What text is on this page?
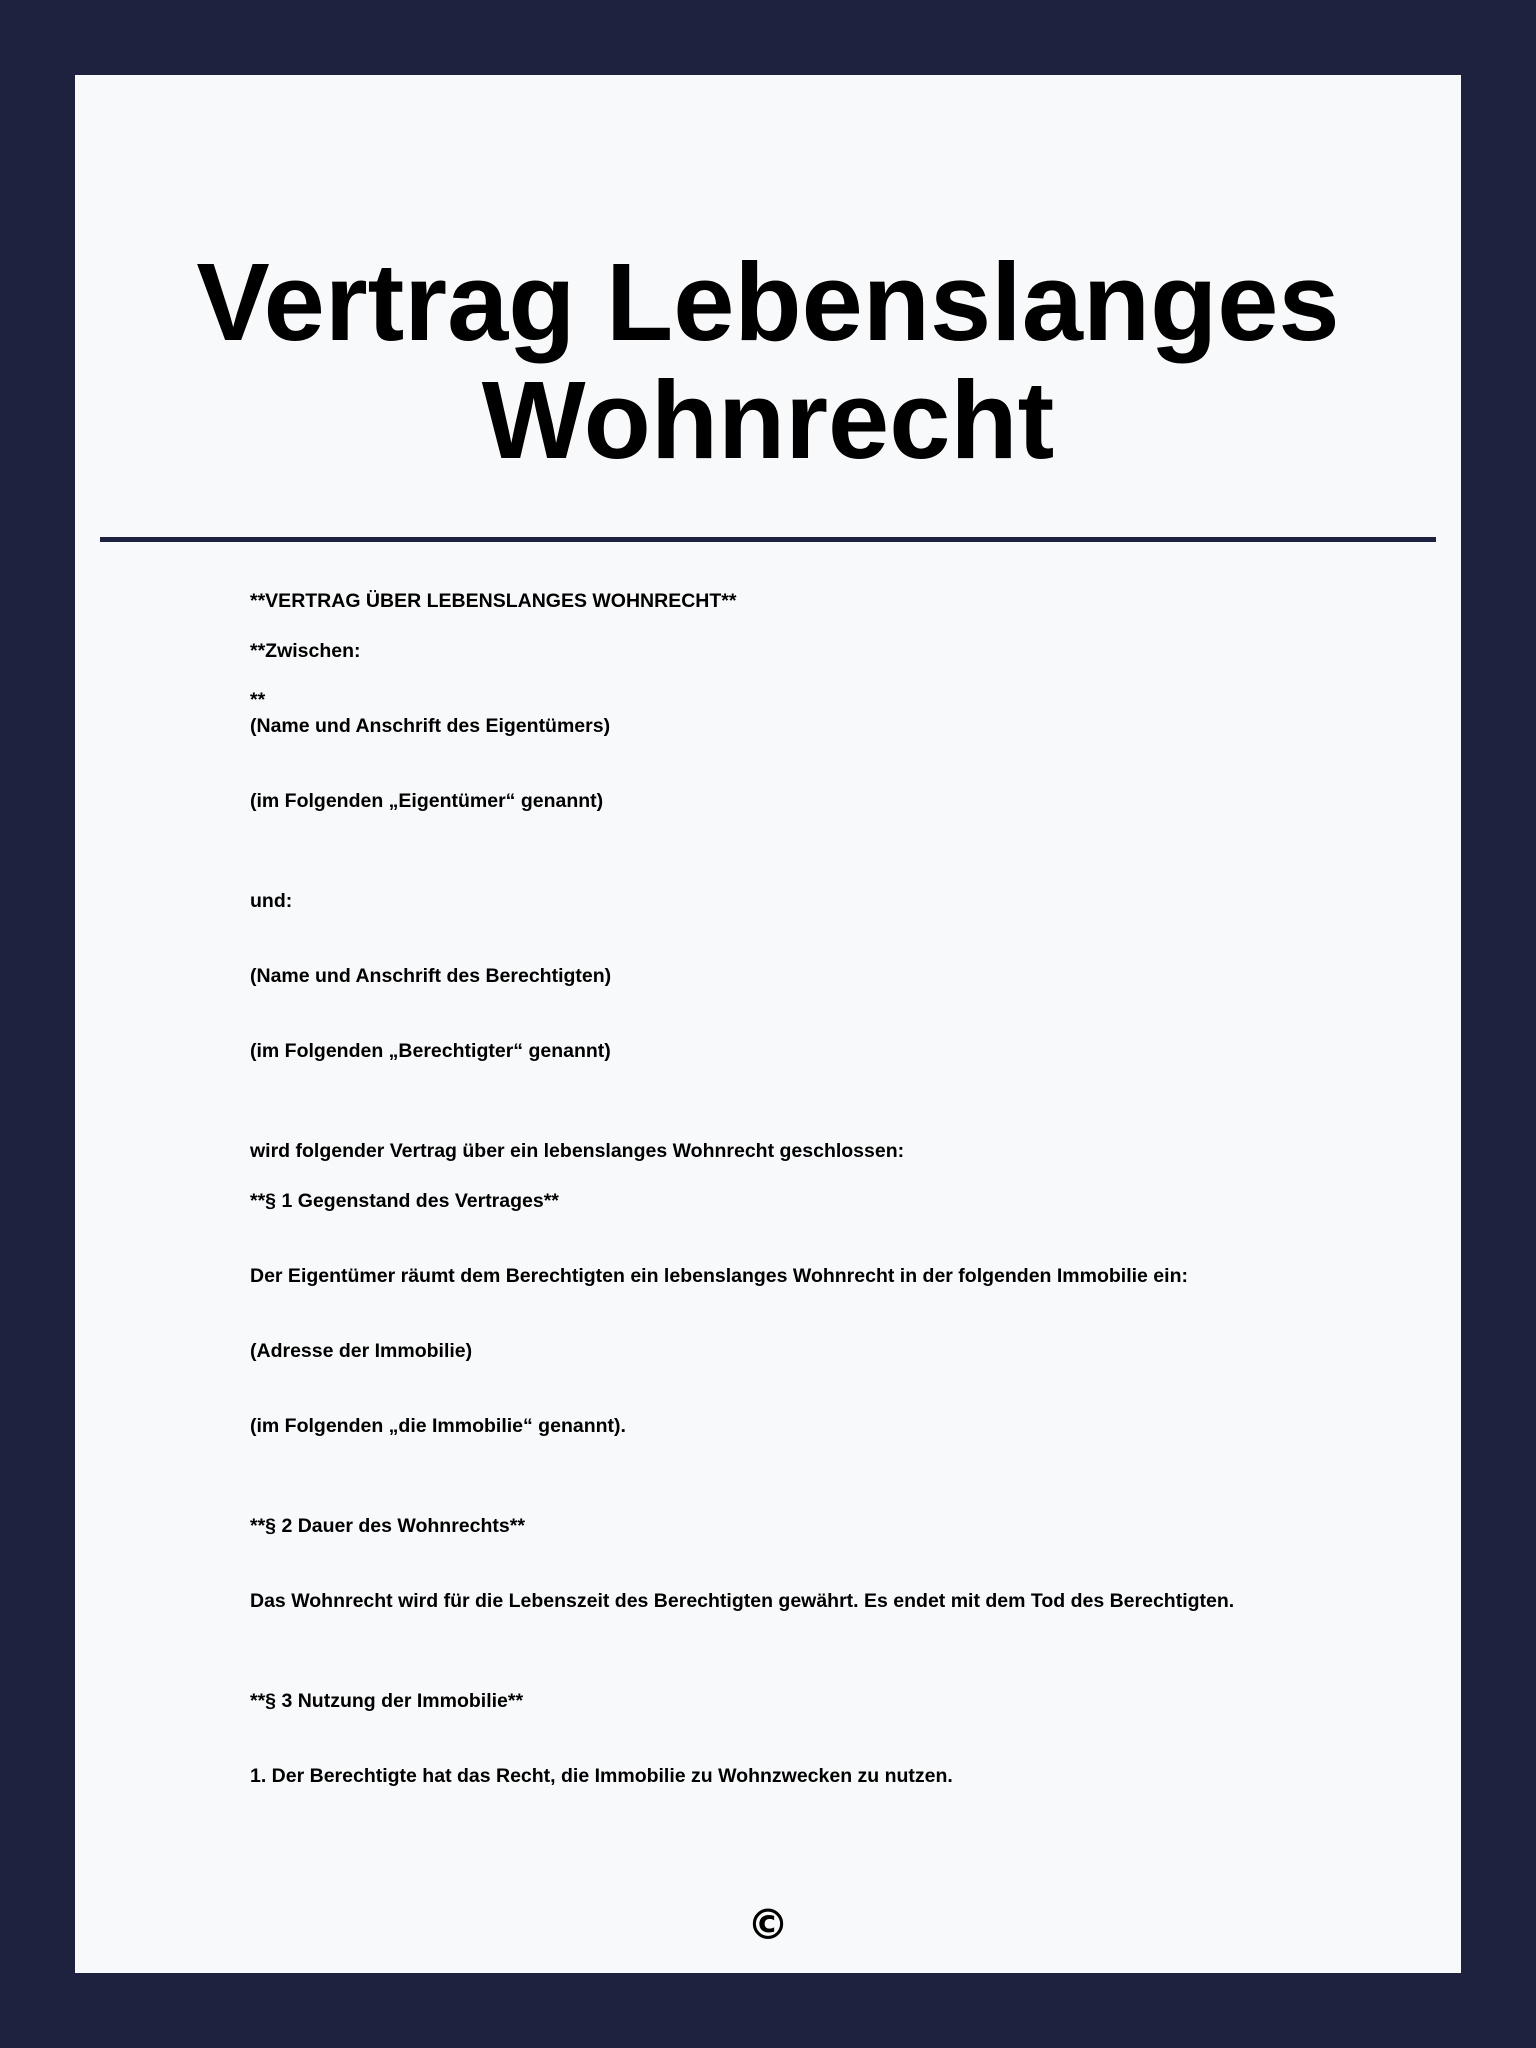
Vertrag Lebenslanges
Wohnrecht
**VERTRAG ÜBER LEBENSLANGES WOHNRECHT**
**Zwischen:
**
(Name und Anschrift des Eigentümers)
(im Folgenden „Eigentümer“ genannt)
und:
(Name und Anschrift des Berechtigten)
(im Folgenden „Berechtigter“ genannt)
wird folgender Vertrag über ein lebenslanges Wohnrecht geschlossen:
**§ 1 Gegenstand des Vertrages**
Der Eigentümer räumt dem Berechtigten ein lebenslanges Wohnrecht in der folgenden Immobilie ein:
(Adresse der Immobilie)
(im Folgenden „die Immobilie“ genannt).
**§ 2 Dauer des Wohnrechts**
Das Wohnrecht wird für die Lebenszeit des Berechtigten gewährt. Es endet mit dem Tod des Berechtigten.
**§ 3 Nutzung der Immobilie**
1. Der Berechtigte hat das Recht, die Immobilie zu Wohnzwecken zu nutzen.
©
